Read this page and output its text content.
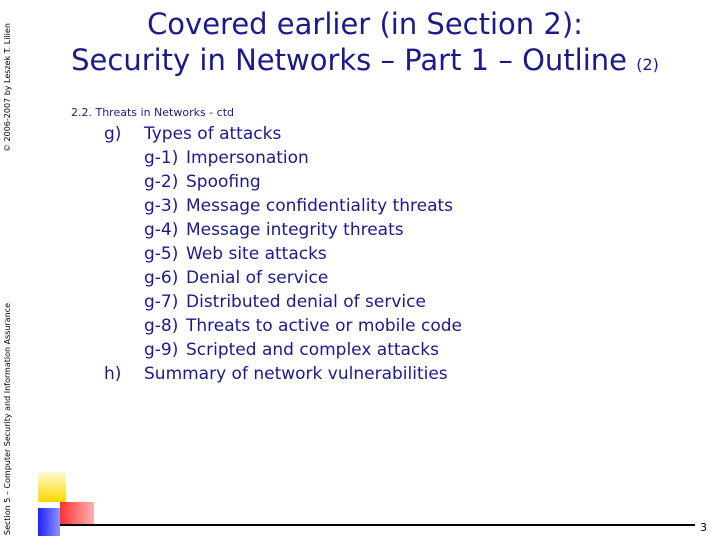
© 2006-2007 by Leszek T. Lilien
Section 5 – Computer Security and Information Assurance
Covered earlier (in Section 2):
Security in Networks – Part 1 – Outline (2)
2.2. Threats in Networks - ctd
g) Types of attacks
g-1) Impersonation
g-2) Spoofing
g-3) Message confidentiality threats
g-4) Message integrity threats
g-5) Web site attacks
g-6) Denial of service
g-7) Distributed denial of service
g-8) Threats to active or mobile code
g-9) Scripted and complex attacks
h) Summary of network vulnerabilities
3
